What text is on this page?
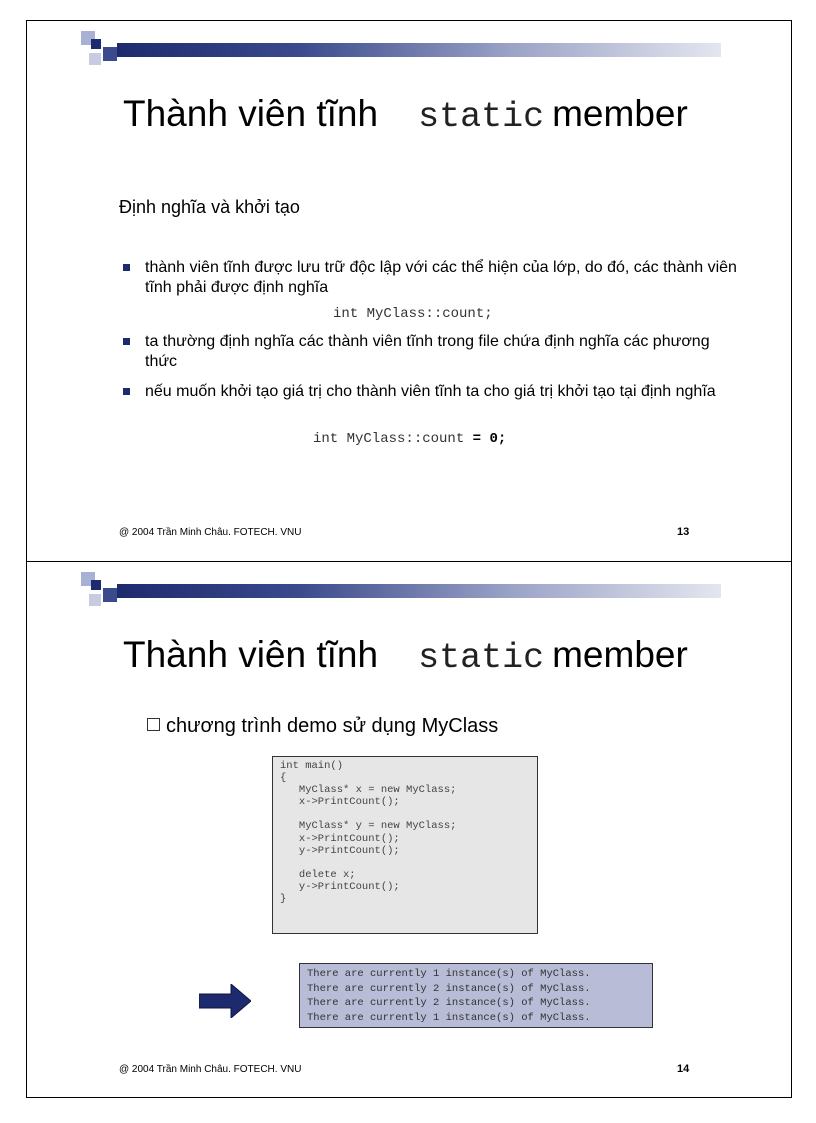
Thành viên tĩnh static member
Định nghĩa và khởi tạo
thành viên tĩnh được lưu trữ độc lập với các thể hiện của lớp, do đó, các thành viên tĩnh phải được định nghĩa
int MyClass::count;
ta thường định nghĩa các thành viên tĩnh trong file chứa định nghĩa các phương thức
nếu muốn khởi tạo giá trị cho thành viên tĩnh ta cho giá trị khởi tạo tại định nghĩa
int MyClass::count = 0;
@ 2004 Trần Minh Châu. FOTECH. VNU	13
Thành viên tĩnh static member
chương trình demo sử dụng MyClass
int main()
{
MyClass* x = new MyClass;
x->PrintCount();

MyClass* y = new MyClass;
x->PrintCount();
y->PrintCount();

delete x;
y->PrintCount();
}
There are currently 1 instance(s) of MyClass.
There are currently 2 instance(s) of MyClass.
There are currently 2 instance(s) of MyClass.
There are currently 1 instance(s) of MyClass.
@ 2004 Trần Minh Châu. FOTECH. VNU	14
